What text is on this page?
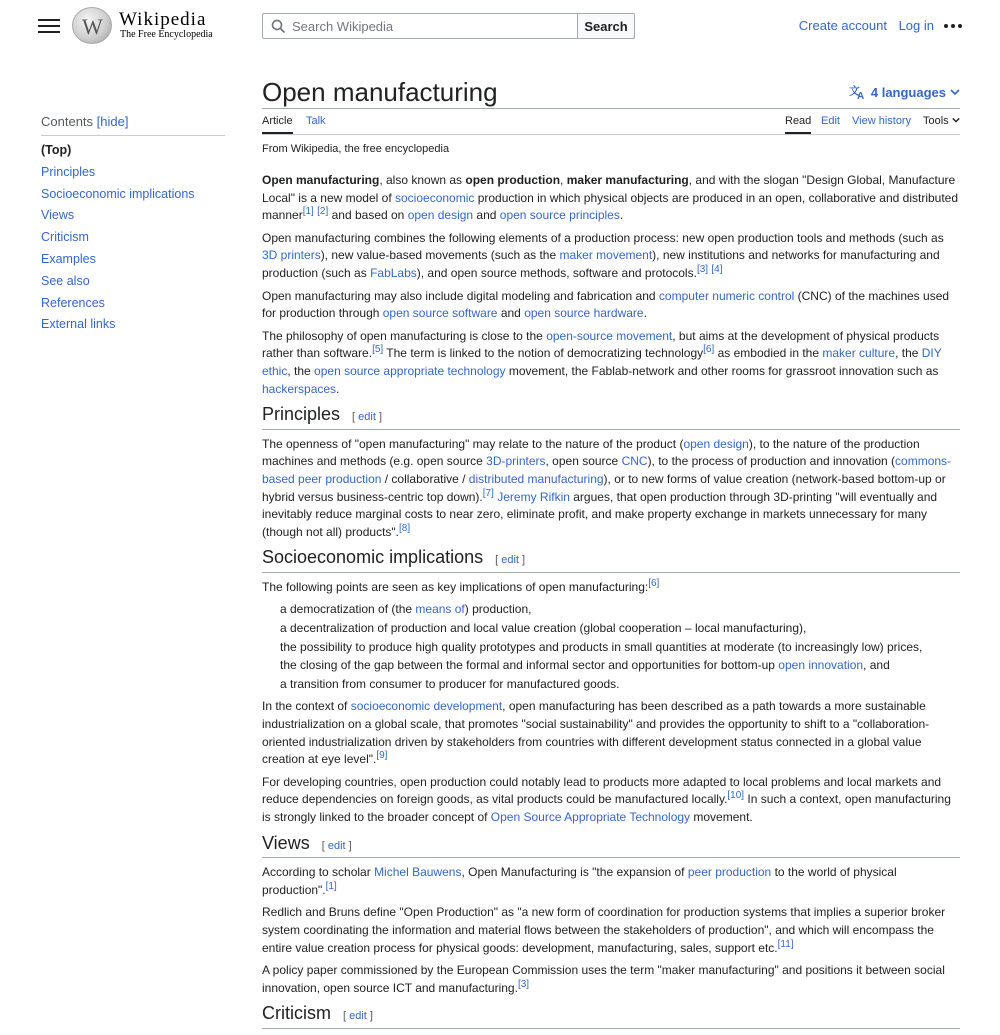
W
Wikipedia
The Free Encyclopedia
Search Wikipedia
Search	Create account Log in
Contents [hide]
(Top)
Principles
Socioeconomic implications
Views
Criticism
Examples
See also
References
External links
Open manufacturing	文
A 4 languages
Article Talk	Read Edit View history Tools
From Wikipedia, the free encyclopedia

Open manufacturing, also known as open production, maker manufacturing, and with the slogan "Design Global, Manufacture Local" is a new model of socioeconomic production in which physical objects are produced in an open, collaborative and distributed manner[1] [2] and based on open design and open source principles.

Open manufacturing combines the following elements of a production process: new open production tools and methods (such as 3D printers), new value-based movements (such as the maker movement), new institutions and networks for manufacturing and production (such as FabLabs), and open source methods, software and protocols.[3] [4]

Open manufacturing may also include digital modeling and fabrication and computer numeric control (CNC) of the machines used for production through open source software and open source hardware.

The philosophy of open manufacturing is close to the open-source movement, but aims at the development of physical products rather than software.[5] The term is linked to the notion of democratizing technology[6] as embodied in the maker culture, the DIY ethic, the open source appropriate technology movement, the Fablab-network and other rooms for grassroot innovation such as hackerspaces.

Principles [ edit ]

The openness of "open manufacturing" may relate to the nature of the product (open design), to the nature of the production machines and methods (e.g. open source 3D-printers, open source CNC), to the process of production and innovation (commons-based peer production / collaborative / distributed manufacturing), or to new forms of value creation (network-based bottom-up or hybrid versus business-centric top down).[7] Jeremy Rifkin argues, that open production through 3D-printing "will eventually and inevitably reduce marginal costs to near zero, eliminate profit, and make property exchange in markets unnecessary for many (though not all) products".[8]

Socioeconomic implications [ edit ]

The following points are seen as key implications of open manufacturing:[6]

a democratization of (the means of) production,
a decentralization of production and local value creation (global cooperation – local manufacturing),
the possibility to produce high quality prototypes and products in small quantities at moderate (to increasingly low) prices,
the closing of the gap between the formal and informal sector and opportunities for bottom-up open innovation, and
a transition from consumer to producer for manufactured goods.

In the context of socioeconomic development, open manufacturing has been described as a path towards a more sustainable industrialization on a global scale, that promotes "social sustainability" and provides the opportunity to shift to a "collaboration-oriented industrialization driven by stakeholders from countries with different development status connected in a global value creation at eye level".[9]

For developing countries, open production could notably lead to products more adapted to local problems and local markets and reduce dependencies on foreign goods, as vital products could be manufactured locally.[10] In such a context, open manufacturing is strongly linked to the broader concept of Open Source Appropriate Technology movement.

Views [ edit ]

According to scholar Michel Bauwens, Open Manufacturing is "the expansion of peer production to the world of physical production".[1]

Redlich and Bruns define "Open Production" as "a new form of coordination for production systems that implies a superior broker system coordinating the information and material flows between the stakeholders of production", and which will encompass the entire value creation process for physical goods: development, manufacturing, sales, support etc.[11]

A policy paper commissioned by the European Commission uses the term "maker manufacturing" and positions it between social innovation, open source ICT and manufacturing.[3]

Criticism [ edit ]
